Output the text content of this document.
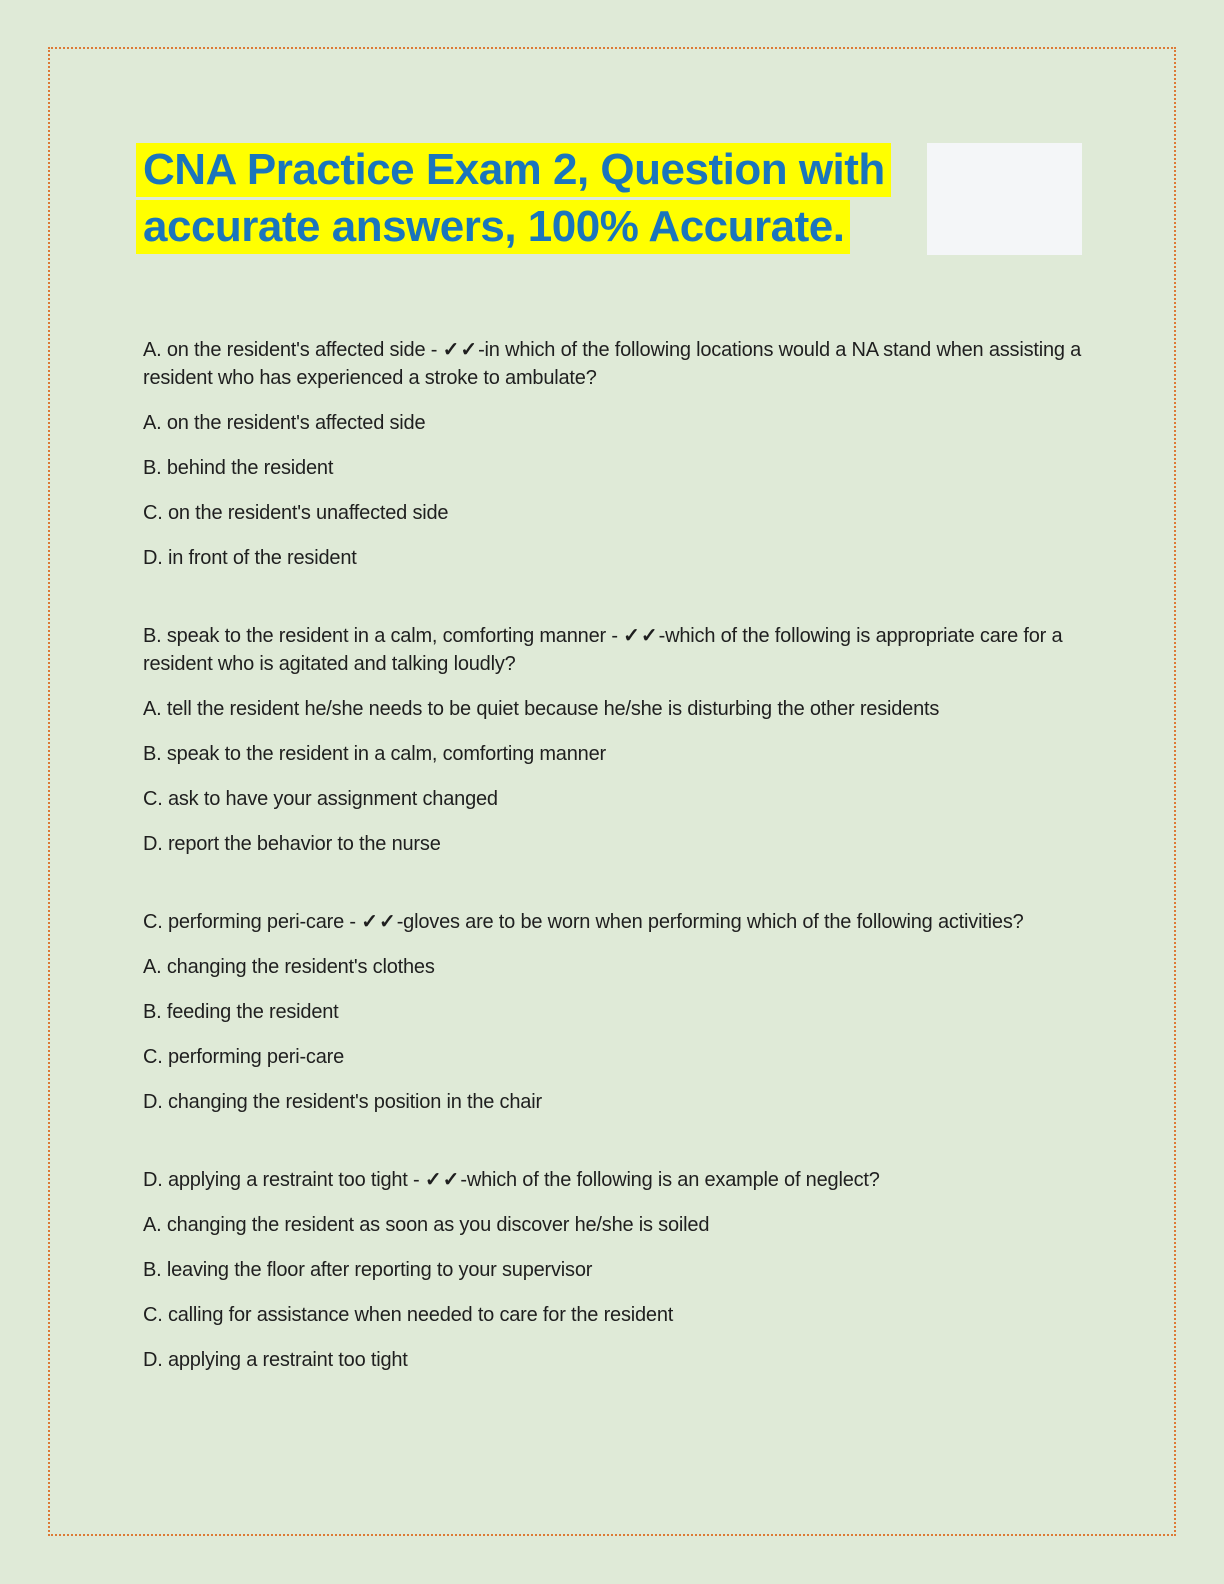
CNA Practice Exam 2, Question with
accurate answers, 100% Accurate.

A. on the resident's affected side - ✓✓-in which of the following locations would a NA stand when assisting a resident who has experienced a stroke to ambulate?

A. on the resident's affected side

B. behind the resident

C. on the resident's unaffected side

D. in front of the resident

B. speak to the resident in a calm, comforting manner - ✓✓-which of the following is appropriate care for a resident who is agitated and talking loudly?

A. tell the resident he/she needs to be quiet because he/she is disturbing the other residents

B. speak to the resident in a calm, comforting manner

C. ask to have your assignment changed

D. report the behavior to the nurse

C. performing peri-care - ✓✓-gloves are to be worn when performing which of the following activities?

A. changing the resident's clothes

B. feeding the resident

C. performing peri-care

D. changing the resident's position in the chair

D. applying a restraint too tight - ✓✓-which of the following is an example of neglect?

A. changing the resident as soon as you discover he/she is soiled

B. leaving the floor after reporting to your supervisor

C. calling for assistance when needed to care for the resident

D. applying a restraint too tight
